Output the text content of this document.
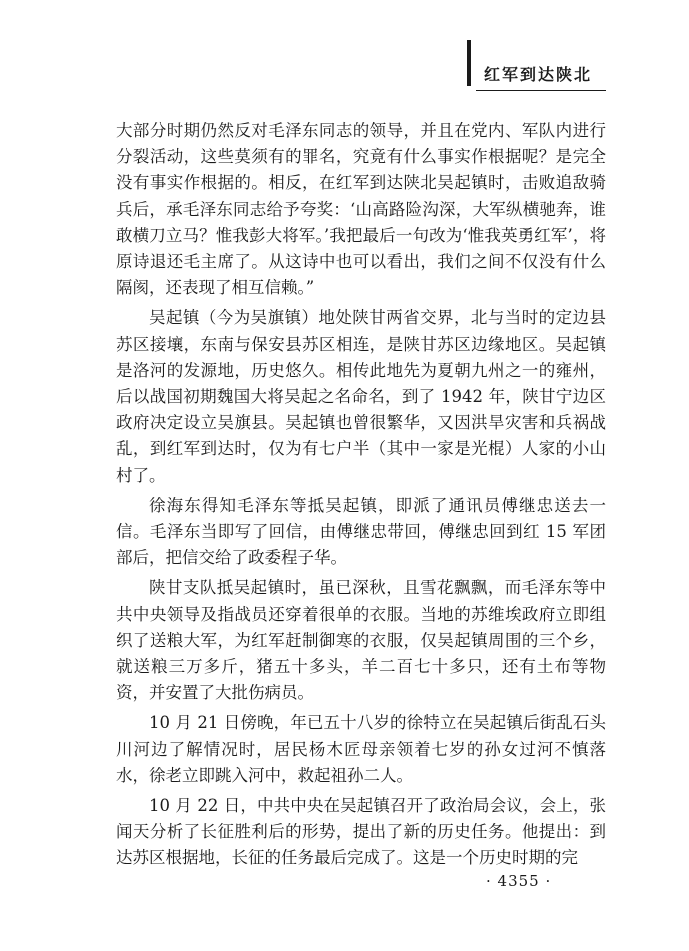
红军到达陕北

大部分时期仍然反对毛泽东同志的领导，并且在党内、军队内进行分裂活动，这些莫须有的罪名，究竟有什么事实作根据呢？是完全没有事实作根据的。相反，在红军到达陕北吴起镇时，击败追敌骑兵后，承毛泽东同志给予夸奖：‘山高路险沟深，大军纵横驰奔，谁敢横刀立马？惟我彭大将军。’我把最后一句改为‘惟我英勇红军’，将原诗退还毛主席了。从这诗中也可以看出，我们之间不仅没有什么隔阂，还表现了相互信赖。”

吴起镇（今为吴旗镇）地处陕甘两省交界，北与当时的定边县苏区接壤，东南与保安县苏区相连，是陕甘苏区边缘地区。吴起镇是洛河的发源地，历史悠久。相传此地先为夏朝九州之一的雍州，后以战国初期魏国大将吴起之名命名，到了 1942 年，陕甘宁边区政府决定设立吴旗县。吴起镇也曾很繁华，又因洪旱灾害和兵祸战乱，到红军到达时，仅为有七户半（其中一家是光棍）人家的小山村了。

徐海东得知毛泽东等抵吴起镇，即派了通讯员傅继忠送去一信。毛泽东当即写了回信，由傅继忠带回，傅继忠回到红 15 军团部后，把信交给了政委程子华。

陕甘支队抵吴起镇时，虽已深秋，且雪花飘飘，而毛泽东等中共中央领导及指战员还穿着很单的衣服。当地的苏维埃政府立即组织了送粮大军，为红军赶制御寒的衣服，仅吴起镇周围的三个乡，就送粮三万多斤，猪五十多头，羊二百七十多只，还有土布等物资，并安置了大批伤病员。

10 月 21 日傍晚，年已五十八岁的徐特立在吴起镇后街乱石头川河边了解情况时，居民杨木匠母亲领着七岁的孙女过河不慎落水，徐老立即跳入河中，救起祖孙二人。

10 月 22 日，中共中央在吴起镇召开了政治局会议，会上，张闻天分析了长征胜利后的形势，提出了新的历史任务。他提出：到达苏区根据地，长征的任务最后完成了。这是一个历史时期的完

· 4355 ·
